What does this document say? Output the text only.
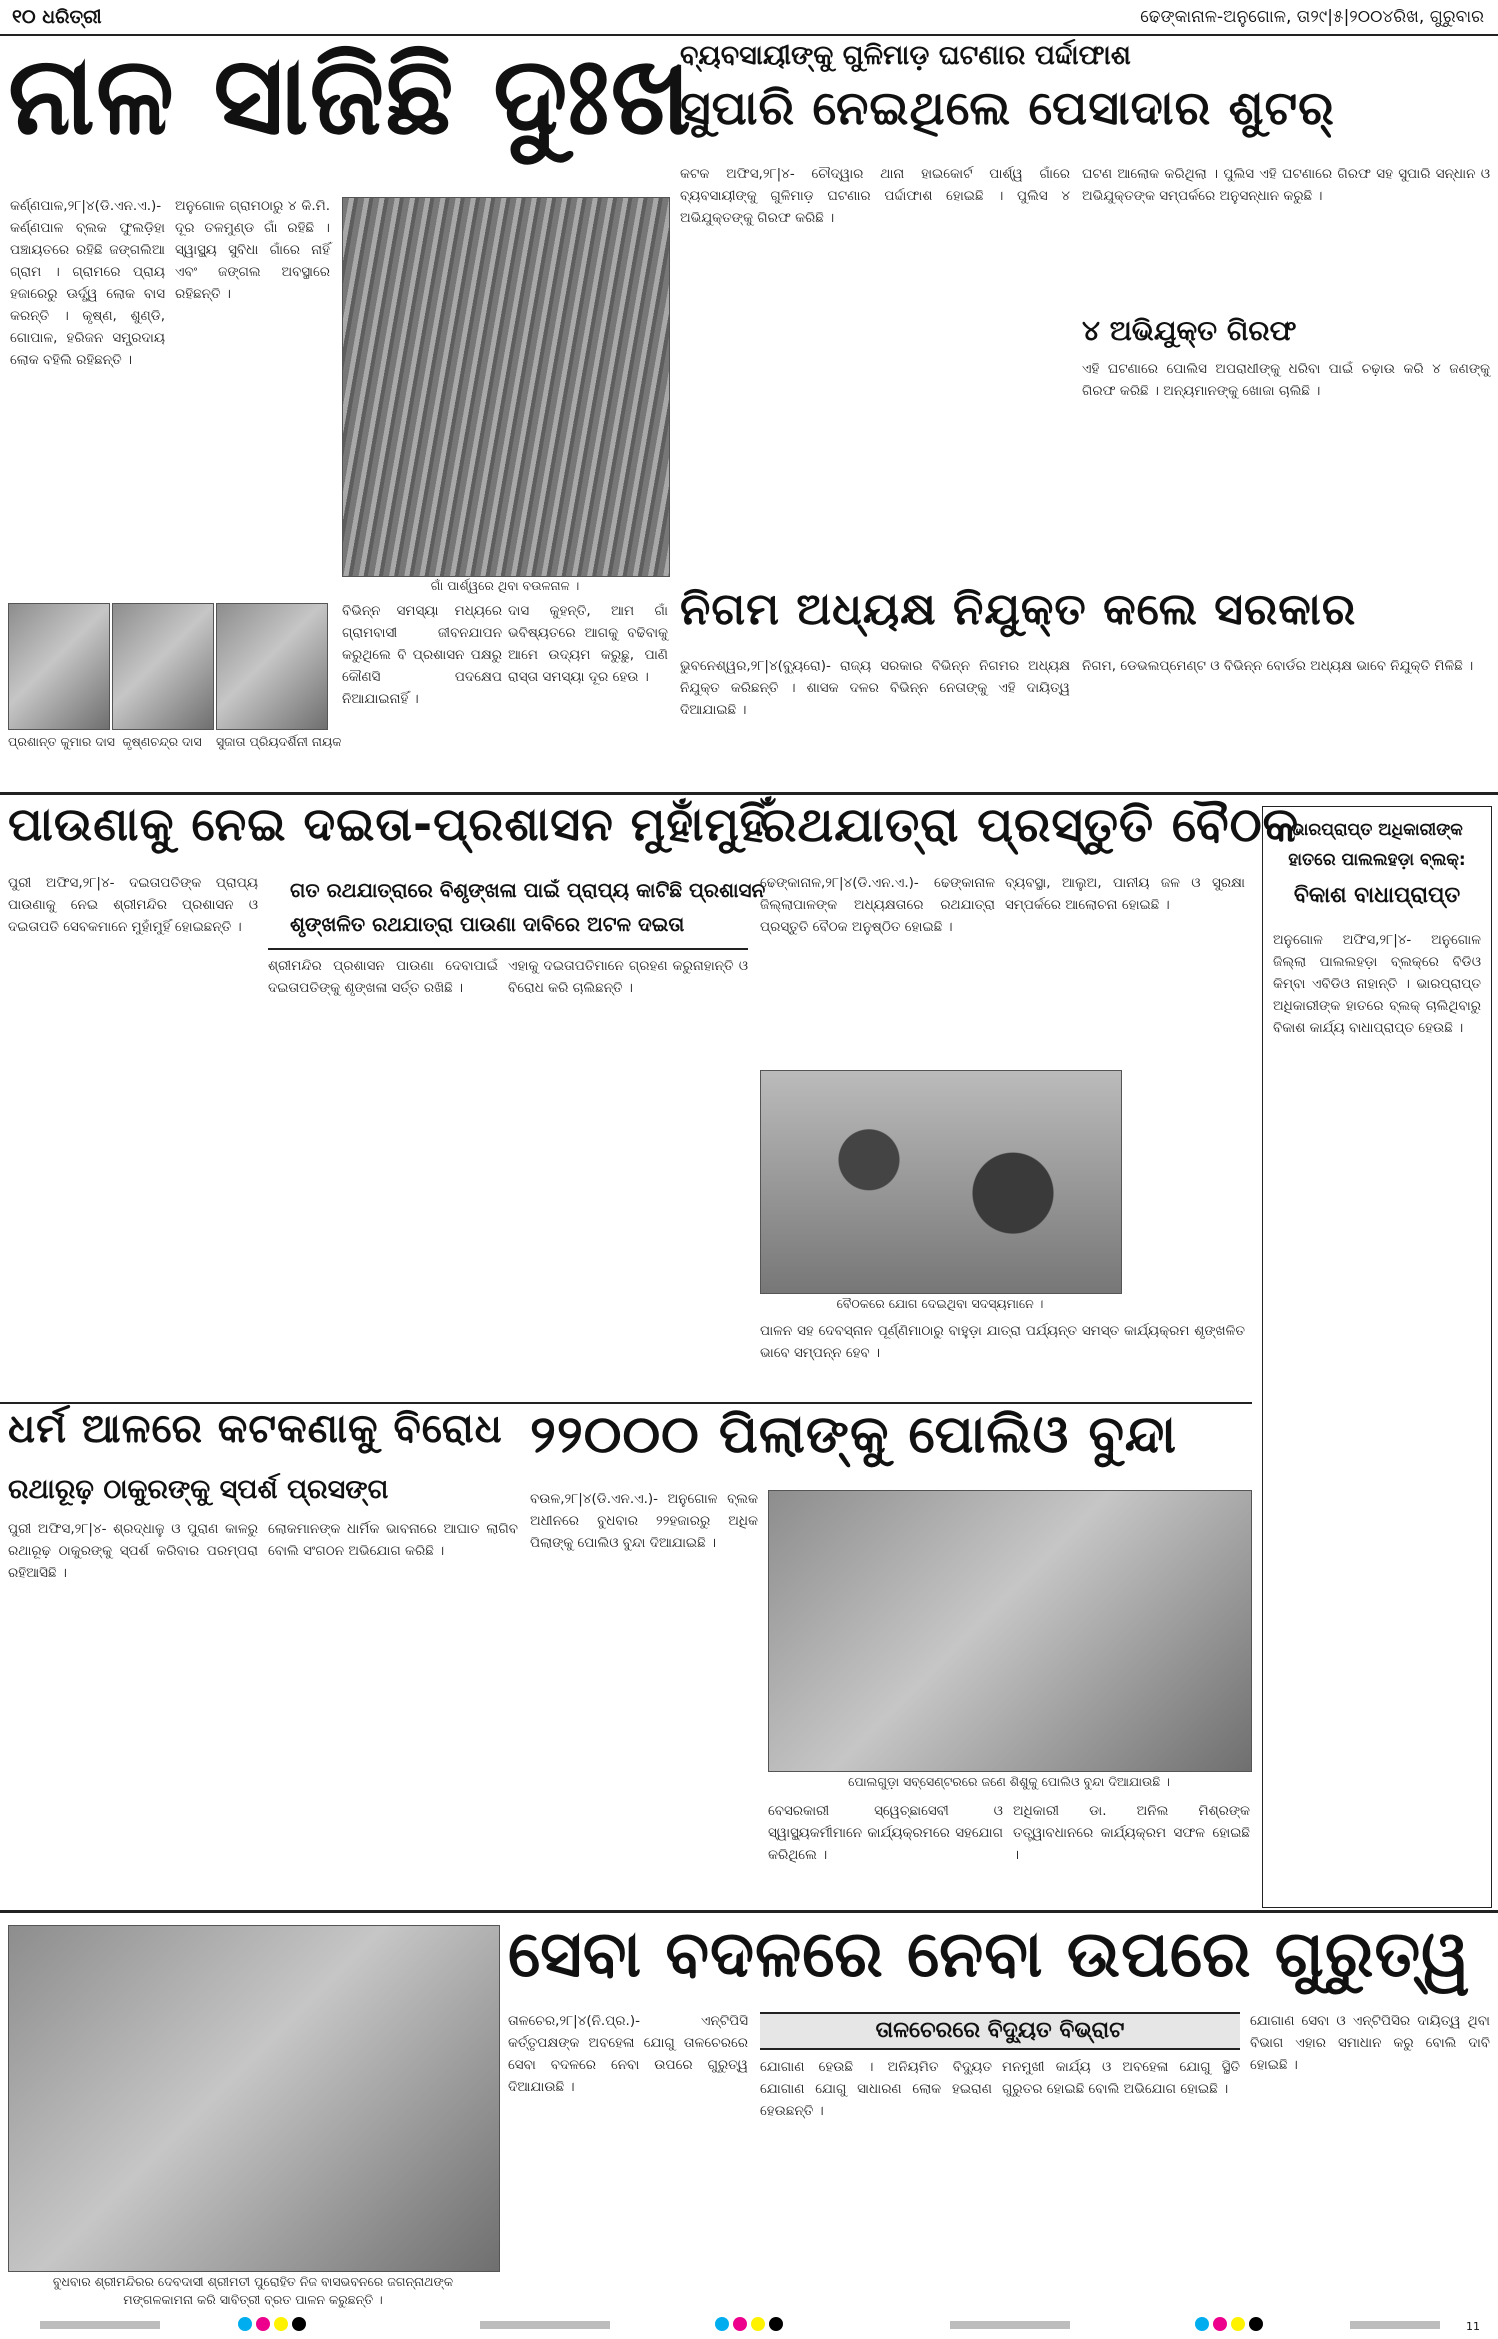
୧୦ ଧରିତ୍ରୀ	ଢେଙ୍କାନାଳ-ଅନୁଗୋଳ, ତା୨୯|୫|୨୦୦୪ରିଖ, ଗୁରୁବାର
ନାଳ ସାଜିଛି ଦୁଃଖ
କର୍ଣ୍ଣପାଳ,୨୮|୪(ଡି.ଏନ.ଏ.)- କର୍ଣ୍ଣପାଳ ବ୍ଲକ ଫୁଲଡ଼ିହା ପଞ୍ଚାୟତରେ ରହିଛି ଜଙ୍ଗଲିଆ ଗ୍ରାମ । ଗ୍ରାମରେ ପ୍ରାୟ ହଜାରେରୁ ଊର୍ଦ୍ଧ୍ୱ ଲୋକ ବାସ କରନ୍ତି । କୃଷ୍ଣ, ଶୁଣ୍ଡି, ଗୋପାଳ, ହରିଜନ ସମ୍ପ୍ରଦାୟ ଲୋକ ବହିଲି ରହିଛନ୍ତି ।
ଅନୁଗୋଳ ଗ୍ରାମଠାରୁ ୪ କି.ମି. ଦୂର ତଳମୁଣ୍ଡ ଗାଁ ରହିଛି । ସ୍ୱାସ୍ଥ୍ୟ ସୁବିଧା ଗାଁରେ ନାହିଁ ଏବଂ ଜଙ୍ଗଲ ଅବସ୍ଥାରେ ରହିଛନ୍ତି ।
ଗାଁ ପାର୍ଶ୍ୱରେ ଥିବା ବଉଳନାଳ ।
ପ୍ରଶାନ୍ତ କୁମାର ଦାସ କୃଷ୍ଣଚନ୍ଦ୍ର ଦାସ	ସୁଜାତା ପ୍ରିୟଦର୍ଶିନୀ ନାୟକ
ବିଭିନ୍ନ ସମସ୍ୟା ମଧ୍ୟରେ ଗ୍ରାମବାସୀ ଜୀବନଯାପନ କରୁଥିଲେ ବି ପ୍ରଶାସନ ପକ୍ଷରୁ କୌଣସି ପଦକ୍ଷେପ ନିଆଯାଇନାହିଁ ।
ଦାସ କୁହନ୍ତି, ଆମ ଗାଁ ଭବିଷ୍ୟତରେ ଆଗକୁ ବଢିବାକୁ ଆମେ ଉଦ୍ୟମ କରୁଛୁ, ପାଣି ରାସ୍ତା ସମସ୍ୟା ଦୂର ହେଉ ।
ବ୍ୟବସାୟୀଙ୍କୁ ଗୁଳିମାଡ଼ ଘଟଣାର ପର୍ଦ୍ଦାଫାଶ
ସୁପାରି ନେଇଥିଲେ ପେସାଦାର ଶୁଟର୍
କଟକ ଅଫିସ,୨୮|୪- ଚୌଦ୍ୱାର ଥାନା ହାଇକୋର୍ଟ ପାର୍ଶ୍ୱ ଗାଁରେ ବ୍ୟବସାୟୀଙ୍କୁ ଗୁଳିମାଡ଼ ଘଟଣାର ପର୍ଦ୍ଦାଫାଶ ହୋଇଛି । ପୁଲିସ ୪ ଅଭିଯୁକ୍ତଙ୍କୁ ଗିରଫ କରିଛି ।
ଘଟଣ ଆଲୋକ କରିଥିଲା । ପୁଲିସ ଏହି ଘଟଣାରେ ଗିରଫ ସହ ସୁପାରି ସନ୍ଧାନ ଓ ଅଭିଯୁକ୍ତଙ୍କ ସମ୍ପର୍କରେ ଅନୁସନ୍ଧାନ କରୁଛି ।
୪ ଅଭିଯୁକ୍ତ ଗିରଫ
ଏହି ଘଟଣାରେ ପୋଲିସ ଅପରାଧୀଙ୍କୁ ଧରିବା ପାଇଁ ଚଢ଼ାଉ କରି ୪ ଜଣଙ୍କୁ ଗିରଫ କରିଛି । ଅନ୍ୟମାନଙ୍କୁ ଖୋଜା ଚାଲିଛି ।
ନିଗମ ଅଧ୍ୟକ୍ଷ ନିଯୁକ୍ତ କଲେ ସରକାର
ଭୁବନେଶ୍ୱର,୨୮|୪(ବ୍ୟୁରୋ)- ରାଜ୍ୟ ସରକାର ବିଭିନ୍ନ ନିଗମର ଅଧ୍ୟକ୍ଷ ନିଯୁକ୍ତ କରିଛନ୍ତି । ଶାସକ ଦଳର ବିଭିନ୍ନ ନେତାଙ୍କୁ ଏହି ଦାୟିତ୍ୱ ଦିଆଯାଇଛି ।
ନିଗମ, ଡେଭଲପ୍ମେଣ୍ଟ ଓ ବିଭିନ୍ନ ବୋର୍ଡର ଅଧ୍ୟକ୍ଷ ଭାବେ ନିଯୁକ୍ତି ମିଳିଛି ।
ପାଉଣାକୁ ନେଇ ଦଇତା-ପ୍ରଶାସନ ମୁହାଁମୁହିଁ
ପୁରୀ ଅଫିସ,୨୮|୪- ଦଇତାପତିଙ୍କ ପ୍ରାପ୍ୟ ପାଉଣାକୁ ନେଇ ଶ୍ରୀମନ୍ଦିର ପ୍ରଶାସନ ଓ ଦଇତାପତି ସେବକମାନେ ମୁହାଁମୁହିଁ ହୋଇଛନ୍ତି ।
ଗତ ରଥଯାତ୍ରାରେ ବିଶୃଙ୍ଖଳା ପାଇଁ ପ୍ରାପ୍ୟ କାଟିଛି ପ୍ରଶାସନ
ଶୃଙ୍ଖଳିତ ରଥଯାତ୍ରା ପାଉଣା ଦାବିରେ ଅଟଳ ଦଇତା
ଶ୍ରୀମନ୍ଦିର ପ୍ରଶାସନ ପାଉଣା ଦେବାପାଇଁ ଦଇତାପତିଙ୍କୁ ଶୃଙ୍ଖଳା ସର୍ତ୍ତ ରଖିଛି ।
ଏହାକୁ ଦଇତାପତିମାନେ ଗ୍ରହଣ କରୁନାହାନ୍ତି ଓ ବିରୋଧ କରି ଚାଲିଛନ୍ତି ।
ରଥଯାତ୍ରା ପ୍ରସ୍ତୁତି ବୈଠକ
ଢେଙ୍କାନାଳ,୨୮|୪(ଡି.ଏନ.ଏ.)- ଢେଙ୍କାନାଳ ଜିଲ୍ଲାପାଳଙ୍କ ଅଧ୍ୟକ୍ଷତାରେ ରଥଯାତ୍ରା ପ୍ରସ୍ତୁତି ବୈଠକ ଅନୁଷ୍ଠିତ ହୋଇଛି ।
ବ୍ୟବସ୍ଥା, ଆଲୁଅ, ପାନୀୟ ଜଳ ଓ ସୁରକ୍ଷା ସମ୍ପର୍କରେ ଆଲୋଚନା ହୋଇଛି ।
ବୈଠକରେ ଯୋଗ ଦେଇଥିବା ସଦସ୍ୟମାନେ ।
ପାଳନ ସହ ଦେବସ୍ନାନ ପୂର୍ଣ୍ଣିମାଠାରୁ ବାହୁଡ଼ା ଯାତ୍ରା ପର୍ଯ୍ୟନ୍ତ ସମସ୍ତ କାର୍ଯ୍ୟକ୍ରମ ଶୃଙ୍ଖଳିତ ଭାବେ ସମ୍ପନ୍ନ ହେବ ।
ଭାରପ୍ରାପ୍ତ ଅଧିକାରୀଙ୍କ ହାତରେ ପାଲଲହଡ଼ା ବ୍ଲକ୍:
ବିକାଶ ବାଧାପ୍ରାପ୍ତ
ଅନୁଗୋଳ ଅଫିସ,୨୮|୪- ଅନୁଗୋଳ ଜିଲ୍ଲା ପାଲଲହଡ଼ା ବ୍ଲକ୍‌ରେ ବିଡିଓ କିମ୍ବା ଏବିଡିଓ ନାହାନ୍ତି । ଭାରପ୍ରାପ୍ତ ଅଧିକାରୀଙ୍କ ହାତରେ ବ୍ଲକ୍ ଚାଲିଥିବାରୁ ବିକାଶ କାର୍ଯ୍ୟ ବାଧାପ୍ରାପ୍ତ ହେଉଛି ।
ଧର୍ମ ଆଳରେ କଟକଣାକୁ ବିରୋଧ
ରଥାରୂଢ଼ ଠାକୁରଙ୍କୁ ସ୍ପର୍ଶ ପ୍ରସଙ୍ଗ
ପୁରୀ ଅଫିସ,୨୮|୪- ଶ୍ରଦ୍ଧାଳୁ ଓ ପୁରାଣ କାଳରୁ ରଥାରୂଢ଼ ଠାକୁରଙ୍କୁ ସ୍ପର୍ଶ କରିବାର ପରମ୍ପରା ରହିଆସିଛି ।
ଲୋକମାନଙ୍କ ଧାର୍ମିକ ଭାବନାରେ ଆଘାତ ଲାଗିବ ବୋଲି ସଂଗଠନ ଅଭିଯୋଗ କରିଛି ।
୨୨୦୦୦ ପିଲାଙ୍କୁ ପୋଲିଓ ବୁନ୍ଦା
ବଉଳ,୨୮|୪(ଡି.ଏନ.ଏ.)- ଅନୁଗୋଳ ବ୍ଲକ ଅଧୀନରେ ବୁଧବାର ୨୨ହଜାରରୁ ଅଧିକ ପିଲାଙ୍କୁ ପୋଲିଓ ବୁନ୍ଦା ଦିଆଯାଇଛି ।
ପୋଲଗୁଡ଼ା ସବ୍‌ସେଣ୍ଟରରେ ଜଣେ ଶିଶୁକୁ ପୋଲିଓ ବୁନ୍ଦା ଦିଆଯାଉଛି ।
ବେସରକାରୀ ସ୍ୱେଚ୍ଛାସେବୀ ଓ ସ୍ୱାସ୍ଥ୍ୟକର୍ମୀମାନେ କାର୍ଯ୍ୟକ୍ରମରେ ସହଯୋଗ କରିଥିଲେ ।
ଅଧିକାରୀ ଡା. ଅନିଲ ମିଶ୍ରଙ୍କ ତତ୍ତ୍ୱାବଧାନରେ କାର୍ଯ୍ୟକ୍ରମ ସଫଳ ହୋଇଛି ।
ବୁଧବାର ଶ୍ରୀମନ୍ଦିରର ଦେବଦାସୀ ଶ୍ରୀମତୀ ପୁରୋହିତ ନିଜ ବାସଭବନରେ ଜଗନ୍ନାଥଙ୍କ
ମଙ୍ଗଳକାମନା କରି ସାବିତ୍ରୀ ବ୍ରତ ପାଳନ କରୁଛନ୍ତି ।
ସେବା ବଦଳରେ ନେବା ଉପରେ ଗୁରୁତ୍ୱ
ତାଳଚେର,୨୮|୪(ନି.ପ୍ର.)- ଏନ୍‌ଟିପିସି କର୍ତ୍ତୃପକ୍ଷଙ୍କ ଅବହେଳା ଯୋଗୁ ତାଳଚେରରେ ସେବା ବଦଳରେ ନେବା ଉପରେ ଗୁରୁତ୍ୱ ଦିଆଯାଉଛି ।
ତାଳଚେରରେ ବିଦ୍ୟୁତ ବିଭ୍ରାଟ
ଯୋଗାଣ ହେଉଛି । ଅନିୟମିତ ବିଦ୍ୟୁତ ଯୋଗାଣ ଯୋଗୁ ସାଧାରଣ ଲୋକ ହଇରାଣ ହେଉଛନ୍ତି ।
ମନମୁଖୀ କାର୍ଯ୍ୟ ଓ ଅବହେଳା ଯୋଗୁ ସ୍ଥିତି ଗୁରୁତର ହୋଇଛି ବୋଲି ଅଭିଯୋଗ ହୋଇଛି ।
ଯୋଗାଣ ସେବା ଓ ଏନ୍‌ଟିପିସିର ଦାୟିତ୍ୱ ଥିବା ବିଭାଗ ଏହାର ସମାଧାନ କରୁ ବୋଲି ଦାବି ହୋଇଛି ।
11
